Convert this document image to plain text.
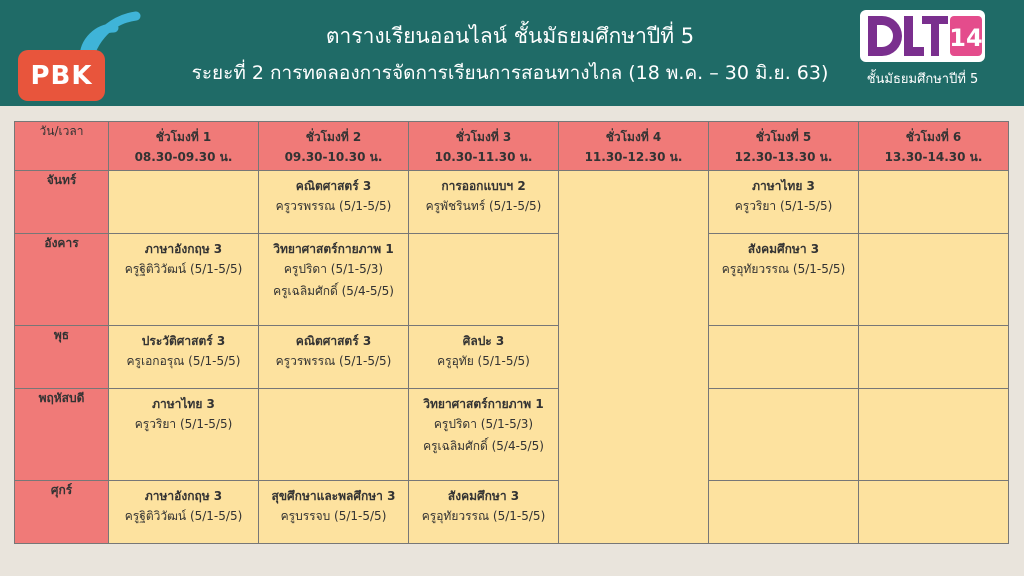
PBK
ตารางเรียนออนไลน์ ชั้นมัธยมศึกษาปีที่ 5
ระยะที่ 2 การทดลองการจัดการเรียนการสอนทางไกล (18 พ.ค. – 30 มิ.ย. 63)
14
ชั้นมัธยมศึกษาปีที่ 5
วัน/เวลา	ชั่วโมงที่ 1
08.30-09.30 น.	ชั่วโมงที่ 2
09.30-10.30 น.	ชั่วโมงที่ 3
10.30-11.30 น.	ชั่วโมงที่ 4
11.30-12.30 น.	ชั่วโมงที่ 5
12.30-13.30 น.	ชั่วโมงที่ 6
13.30-14.30 น.

จันทร์		คณิตศาสตร์ 3
ครูวรพรรณ (5/1-5/5)	การออกแบบฯ 2
ครูพัชรินทร์ (5/1-5/5)		ภาษาไทย 3
ครูวริยา (5/1-5/5)	

อังคาร	ภาษาอังกฤษ 3
ครูฐิติวิวัฒน์ (5/1-5/5)	วิทยาศาสตร์กายภาพ 1
ครูปริดา (5/1-5/3)
ครูเฉลิมศักดิ์ (5/4-5/5)			สังคมศึกษา 3
ครูอุทัยวรรณ (5/1-5/5)	

พุธ	ประวัติศาสตร์ 3
ครูเอกอรุณ (5/1-5/5)	คณิตศาสตร์ 3
ครูวรพรรณ (5/1-5/5)	ศิลปะ 3
ครูอุทัย (5/1-5/5)			

พฤหัสบดี	ภาษาไทย 3
ครูวริยา (5/1-5/5)		วิทยาศาสตร์กายภาพ 1
ครูปริดา (5/1-5/3)
ครูเฉลิมศักดิ์ (5/4-5/5)			

ศุกร์	ภาษาอังกฤษ 3
ครูฐิติวิวัฒน์ (5/1-5/5)	สุขศึกษาและพลศึกษา 3
ครูบรรจบ (5/1-5/5)	สังคมศึกษา 3
ครูอุทัยวรรณ (5/1-5/5)			
